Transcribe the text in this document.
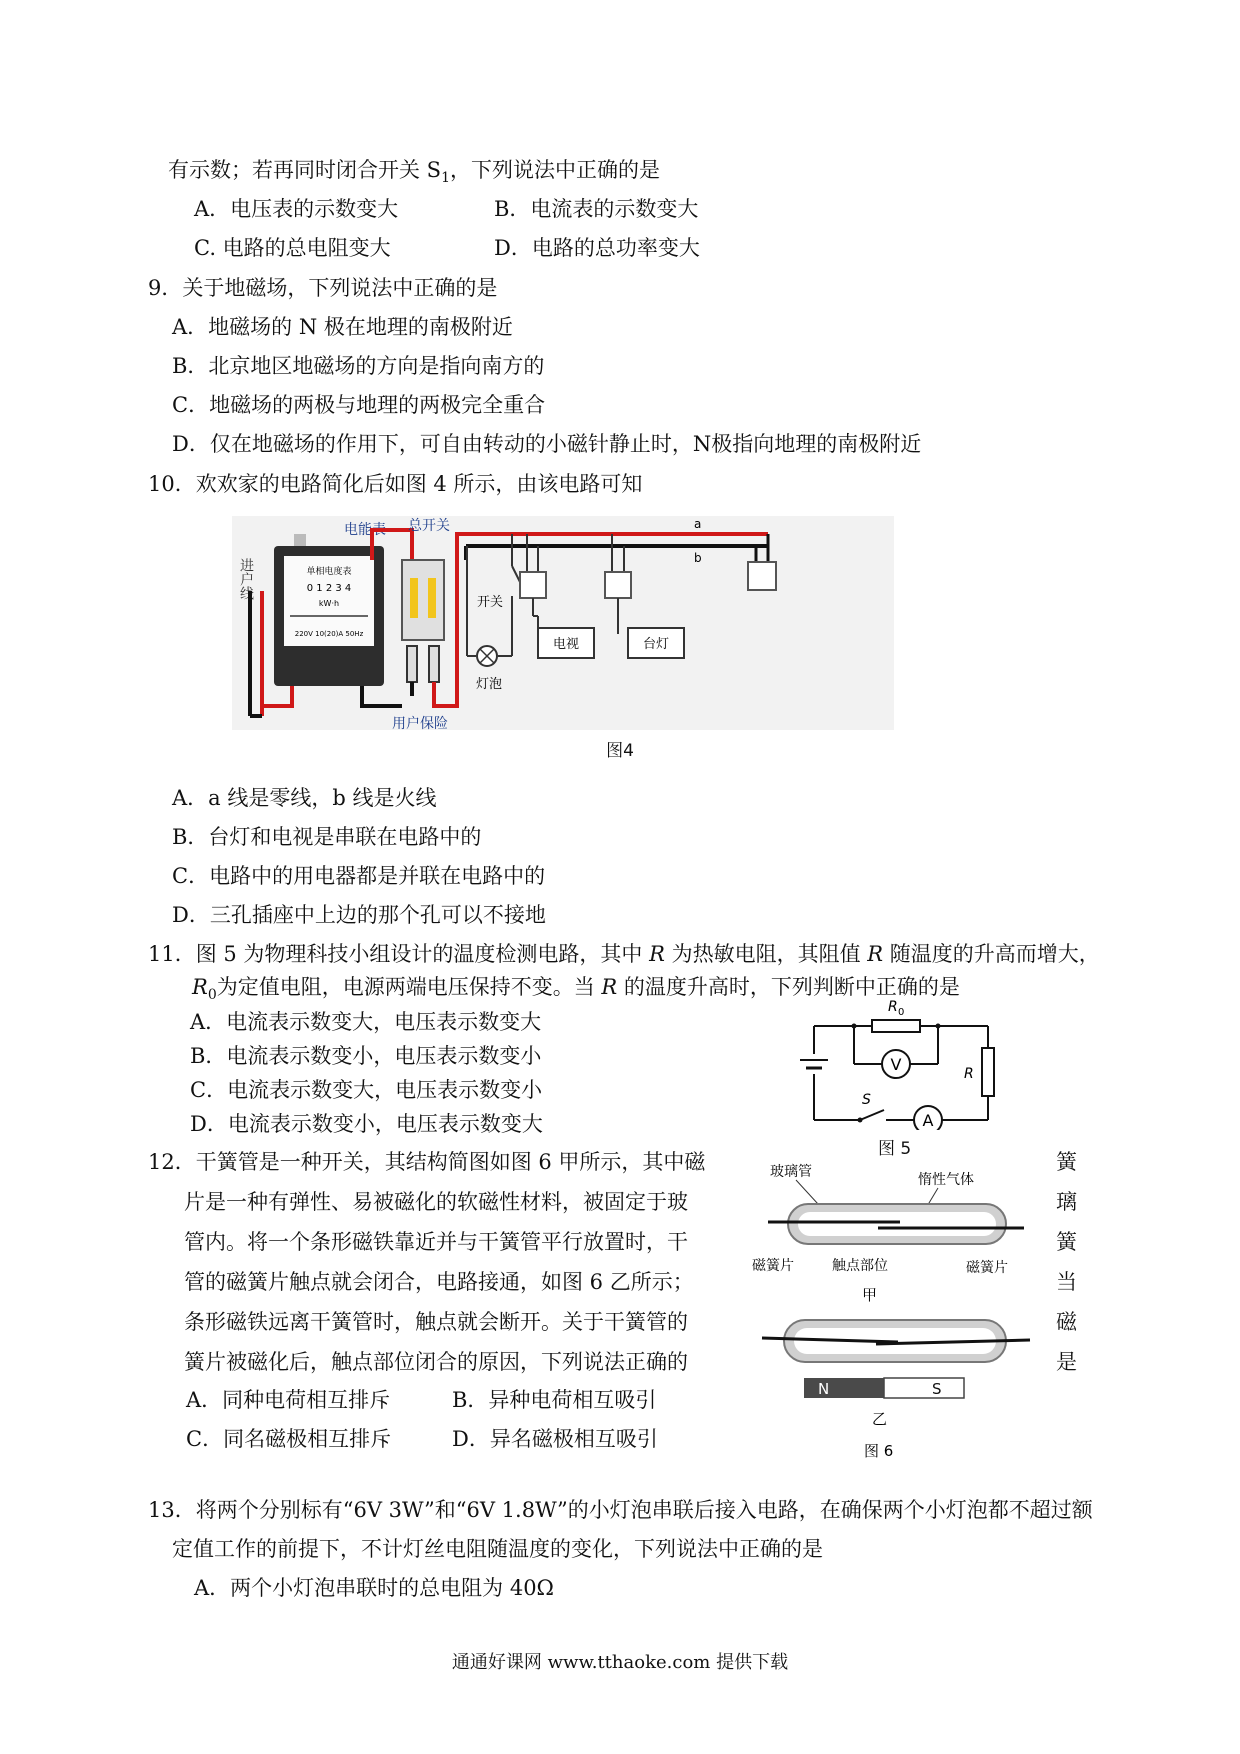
有示数；若再同时闭合开关 $S_1$，下列说法中正确的是
A．电压表的示数变大	B．电流表的示数变大
C. 电路的总电阻变大	D．电路的总功率变大
9．关于地磁场，下列说法中正确的是
A．地磁场的 N 极在地理的南极附近
B．北京地区地磁场的方向是指向南方的
C．地磁场的两极与地理的两极完全重合
D．仅在地磁场的作用下，可自由转动的小磁针静止时，N极指向地理的南极附近
10．欢欢家的电路简化后如图 4 所示，由该电路可知
进户线	单相电度表
0 1 2 3 4
kW·h
220V 10(20)A 50Hz
电能表 总开关
用户保险
a
b
开关
灯泡
电视	台灯
图4
A．a 线是零线，b 线是火线
B．台灯和电视是串联在电路中的
C．电路中的用电器都是并联在电路中的
D．三孔插座中上边的那个孔可以不接地
11．图 5 为物理科技小组设计的温度检测电路，其中 R 为热敏电阻，其阻值 R 随温度的升高而增大，
$R_0$为定值电阻，电源两端电压保持不变。当 R 的温度升高时，下列判断中正确的是
A．电流表示数变大，电压表示数变大
B．电流表示数变小，电压表示数变小
C．电流表示数变大，电压表示数变小
D．电流表示数变小，电压表示数变大
R 0
V	R
S
A
图 5
12．干簧管是一种开关，其结构简图如图 6 甲所示，其中磁	簧
片是一种有弹性、易被磁化的软磁性材料，被固定于玻	璃
管内。将一个条形磁铁靠近并与干簧管平行放置时，干	簧
管的磁簧片触点就会闭合，电路接通，如图 6 乙所示；	当
条形磁铁远离干簧管时，触点就会断开。关于干簧管的	磁
簧片被磁化后，触点部位闭合的原因，下列说法正确的	是
A．同种电荷相互排斥	B．异种电荷相互吸引
C．同名磁极相互排斥	D．异名磁极相互吸引
玻璃管	惰性气体
磁簧片	触点部位	磁簧片
甲
N	S
乙
图 6
13．将两个分别标有“6V 3W”和“6V 1.8W”的小灯泡串联后接入电路，在确保两个小灯泡都不超过额
定值工作的前提下，不计灯丝电阻随温度的变化，下列说法中正确的是
A．两个小灯泡串联时的总电阻为 40Ω
通通好课网 www.tthaoke.com 提供下载
